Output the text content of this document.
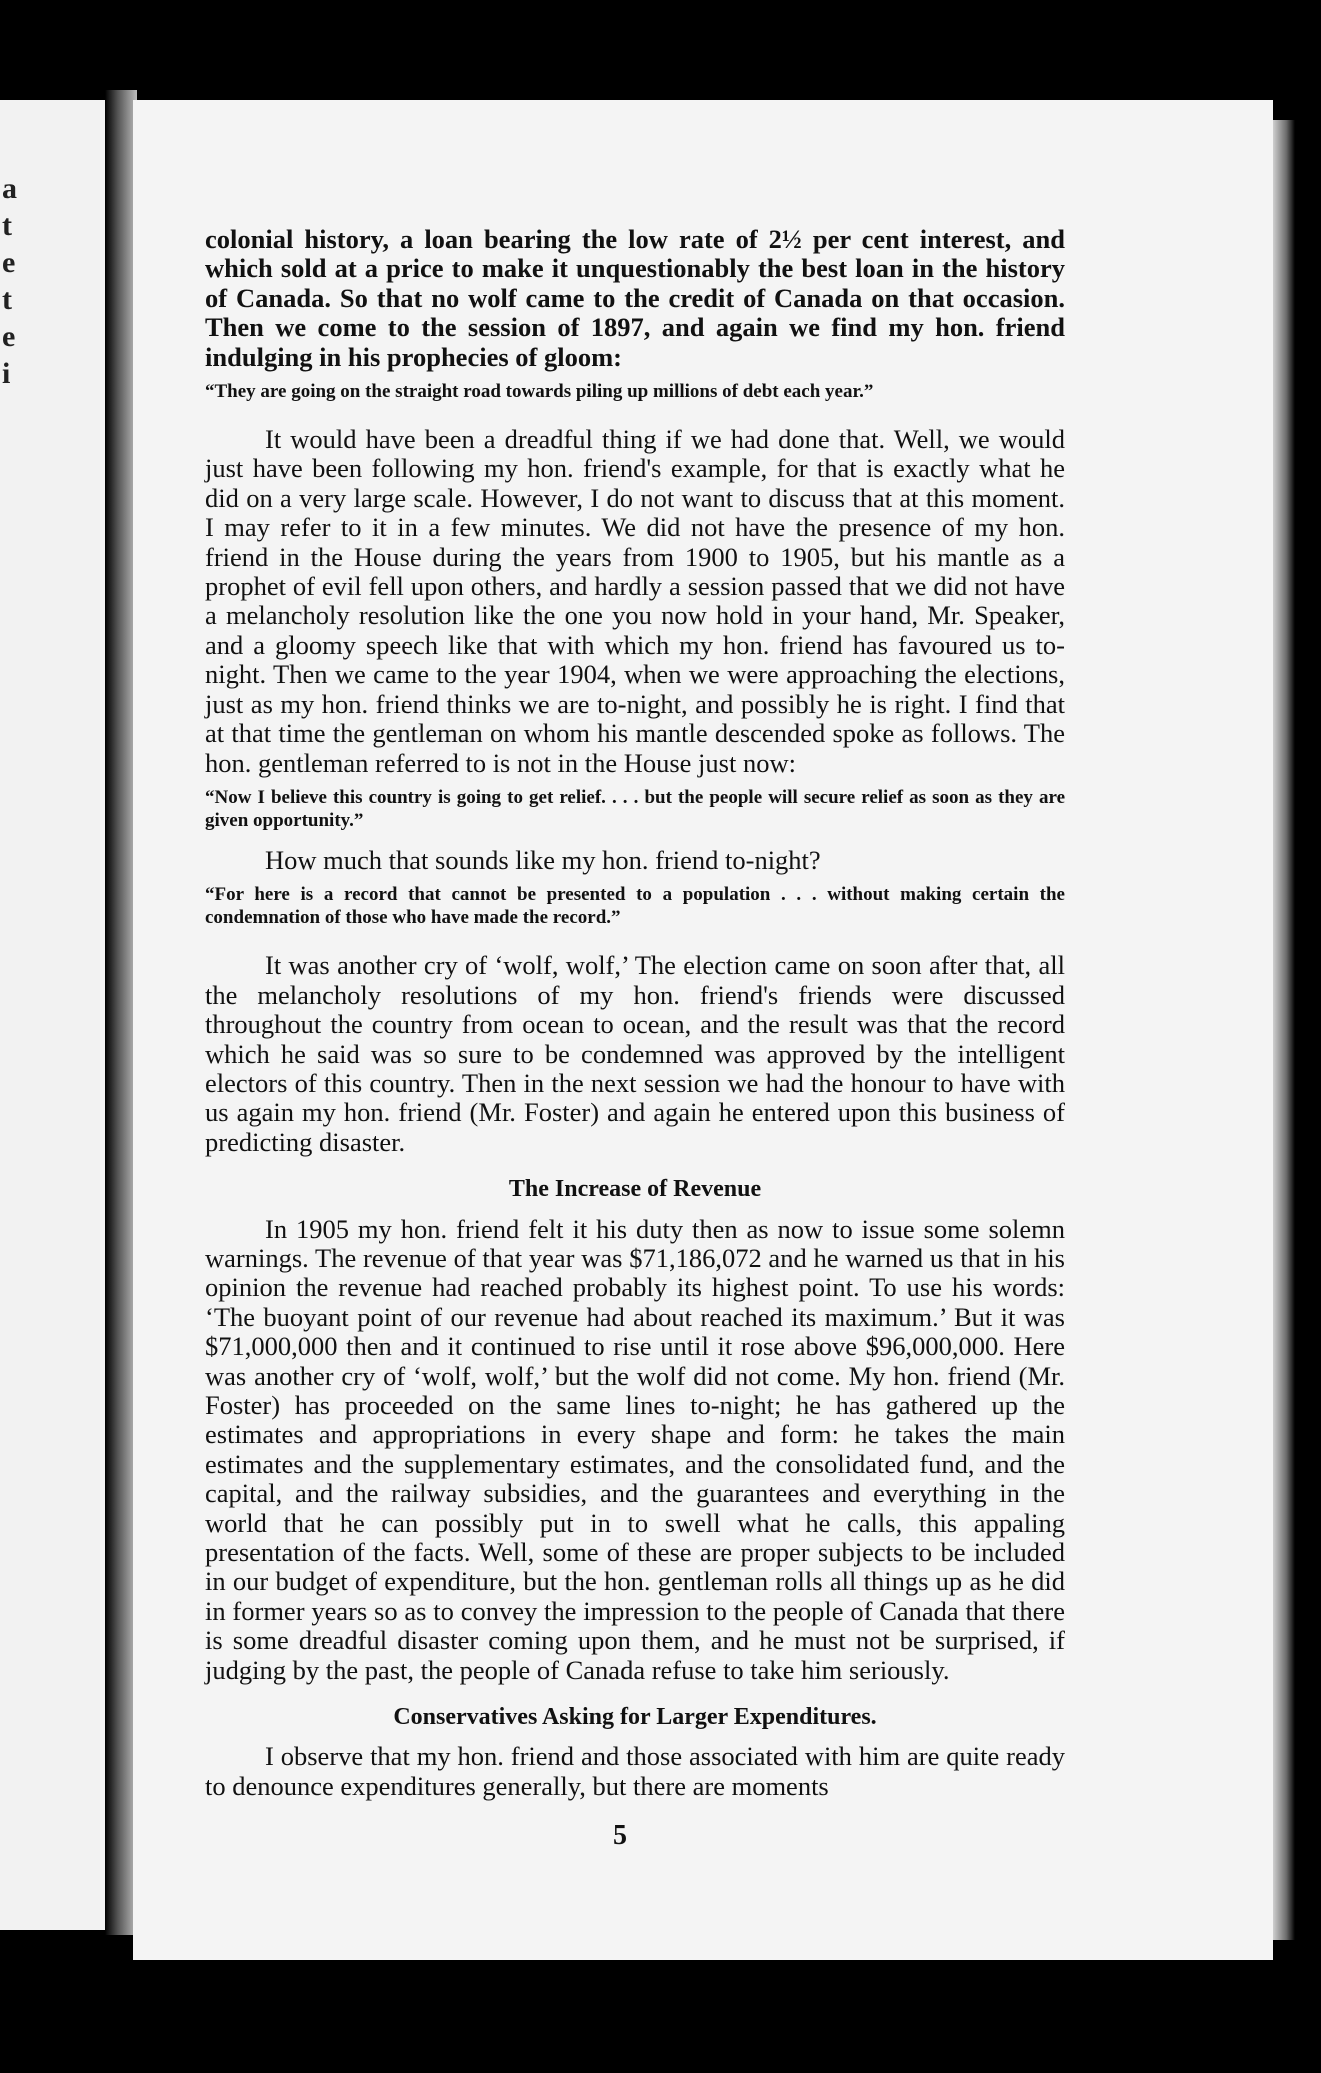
a
t
e
t
e
i

colonial history, a loan bearing the low rate of 2½ per cent interest, and which sold at a price to make it unquestionably the best loan in the history of Canada. So that no wolf came to the credit of Canada on that occasion. Then we come to the session of 1897, and again we find my hon. friend indulging in his prophecies of gloom:

“They are going on the straight road towards piling up millions of debt each year.”

It would have been a dreadful thing if we had done that. Well, we would just have been following my hon. friend's example, for that is exactly what he did on a very large scale. However, I do not want to discuss that at this moment. I may refer to it in a few minutes. We did not have the presence of my hon. friend in the House during the years from 1900 to 1905, but his mantle as a prophet of evil fell upon others, and hardly a session passed that we did not have a melancholy resolution like the one you now hold in your hand, Mr. Speaker, and a gloomy speech like that with which my hon. friend has favoured us to-night. Then we came to the year 1904, when we were approaching the elections, just as my hon. friend thinks we are to-night, and possibly he is right. I find that at that time the gentleman on whom his mantle descended spoke as follows. The hon. gentleman referred to is not in the House just now:

“Now I believe this country is going to get relief. . . . but the people will secure relief as soon as they are given opportunity.”

How much that sounds like my hon. friend to-night?

“For here is a record that cannot be presented to a population . . . without making certain the condemnation of those who have made the record.”

It was another cry of ‘wolf, wolf,’ The election came on soon after that, all the melancholy resolutions of my hon. friend's friends were discussed throughout the country from ocean to ocean, and the result was that the record which he said was so sure to be condemned was approved by the intelligent electors of this country. Then in the next session we had the honour to have with us again my hon. friend (Mr. Foster) and again he entered upon this business of predicting disaster.

The Increase of Revenue

In 1905 my hon. friend felt it his duty then as now to issue some solemn warnings. The revenue of that year was $71,186,072 and he warned us that in his opinion the revenue had reached probably its highest point. To use his words: ‘The buoyant point of our revenue had about reached its maximum.’ But it was $71,000,000 then and it continued to rise until it rose above $96,000,000. Here was another cry of ‘wolf, wolf,’ but the wolf did not come. My hon. friend (Mr. Foster) has proceeded on the same lines to-night; he has gathered up the estimates and appropriations in every shape and form: he takes the main estimates and the supplementary estimates, and the consolidated fund, and the capital, and the railway subsidies, and the guarantees and everything in the world that he can possibly put in to swell what he calls, this appaling presentation of the facts. Well, some of these are proper subjects to be included in our budget of expenditure, but the hon. gentleman rolls all things up as he did in former years so as to convey the impression to the people of Canada that there is some dreadful disaster coming upon them, and he must not be surprised, if judging by the past, the people of Canada refuse to take him seriously.

Conservatives Asking for Larger Expenditures.

I observe that my hon. friend and those associated with him are quite ready to denounce expenditures generally, but there are moments

5
